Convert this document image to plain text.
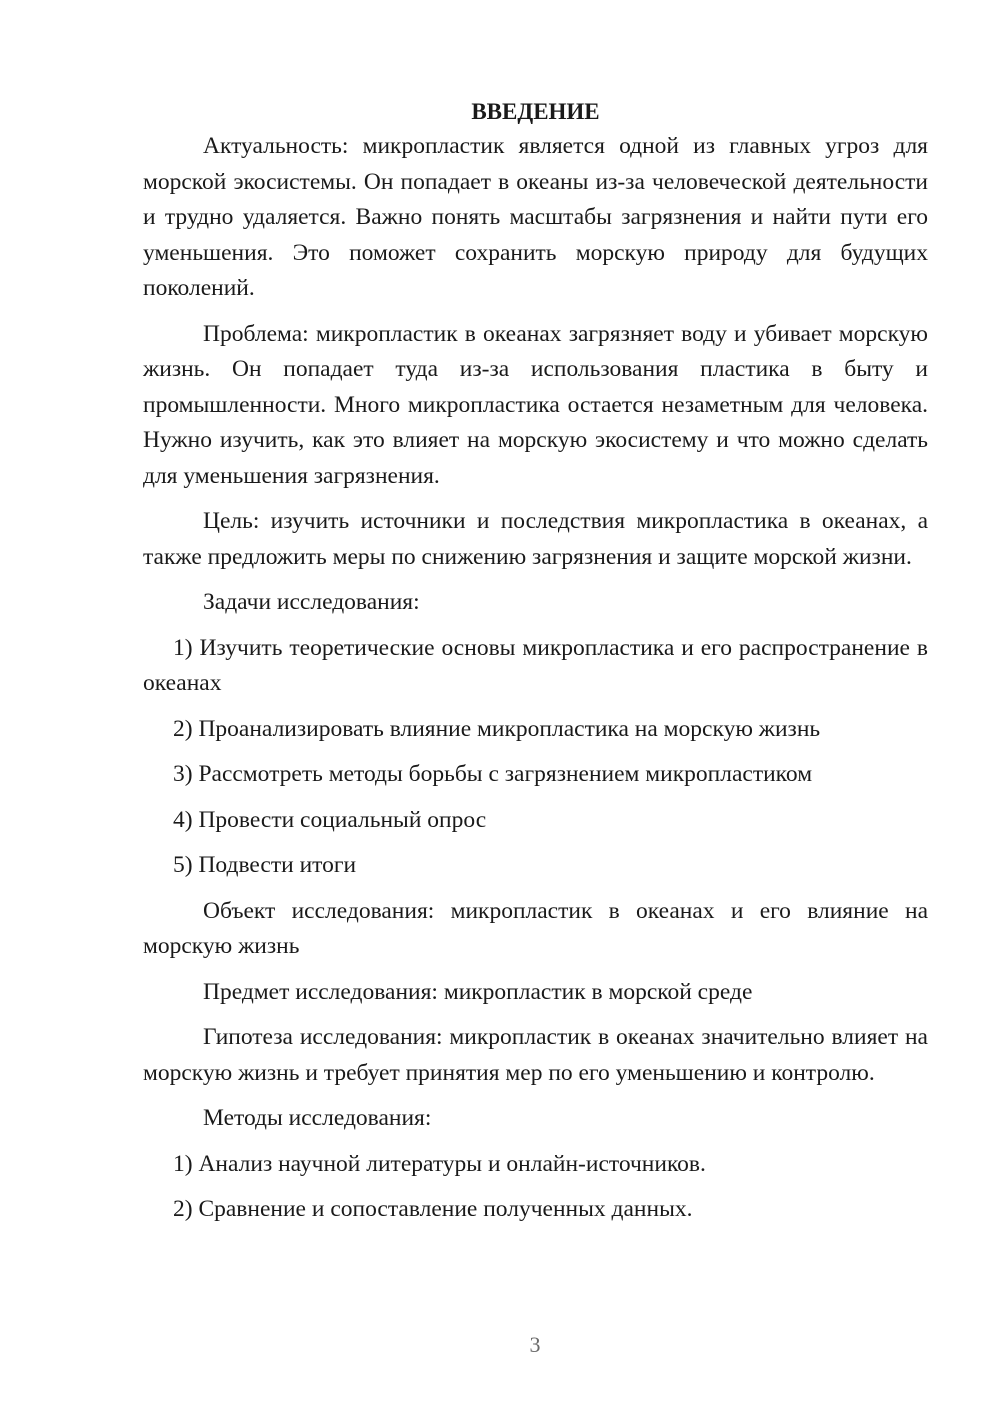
ВВЕДЕНИЕ

Актуальность: микропластик является одной из главных угроз для морской экосистемы. Он попадает в океаны из-за человеческой деятельности и трудно удаляется. Важно понять масштабы загрязнения и найти пути его уменьшения. Это поможет сохранить морскую природу для будущих поколений.

Проблема: микропластик в океанах загрязняет воду и убивает морскую жизнь. Он попадает туда из-за использования пластика в быту и промышленности. Много микропластика остается незаметным для человека. Нужно изучить, как это влияет на морскую экосистему и что можно сделать для уменьшения загрязнения.

Цель: изучить источники и последствия микропластика в океанах, а также предложить меры по снижению загрязнения и защите морской жизни.

Задачи исследования:

1) Изучить теоретические основы микропластика и его распространение в океанах

2) Проанализировать влияние микропластика на морскую жизнь

3) Рассмотреть методы борьбы с загрязнением микропластиком

4) Провести социальный опрос

5) Подвести итоги

Объект исследования: микропластик в океанах и его влияние на морскую жизнь

Предмет исследования: микропластик в морской среде

Гипотеза исследования: микропластик в океанах значительно влияет на морскую жизнь и требует принятия мер по его уменьшению и контролю.

Методы исследования:

1) Анализ научной литературы и онлайн-источников.

2) Сравнение и сопоставление полученных данных.

3
